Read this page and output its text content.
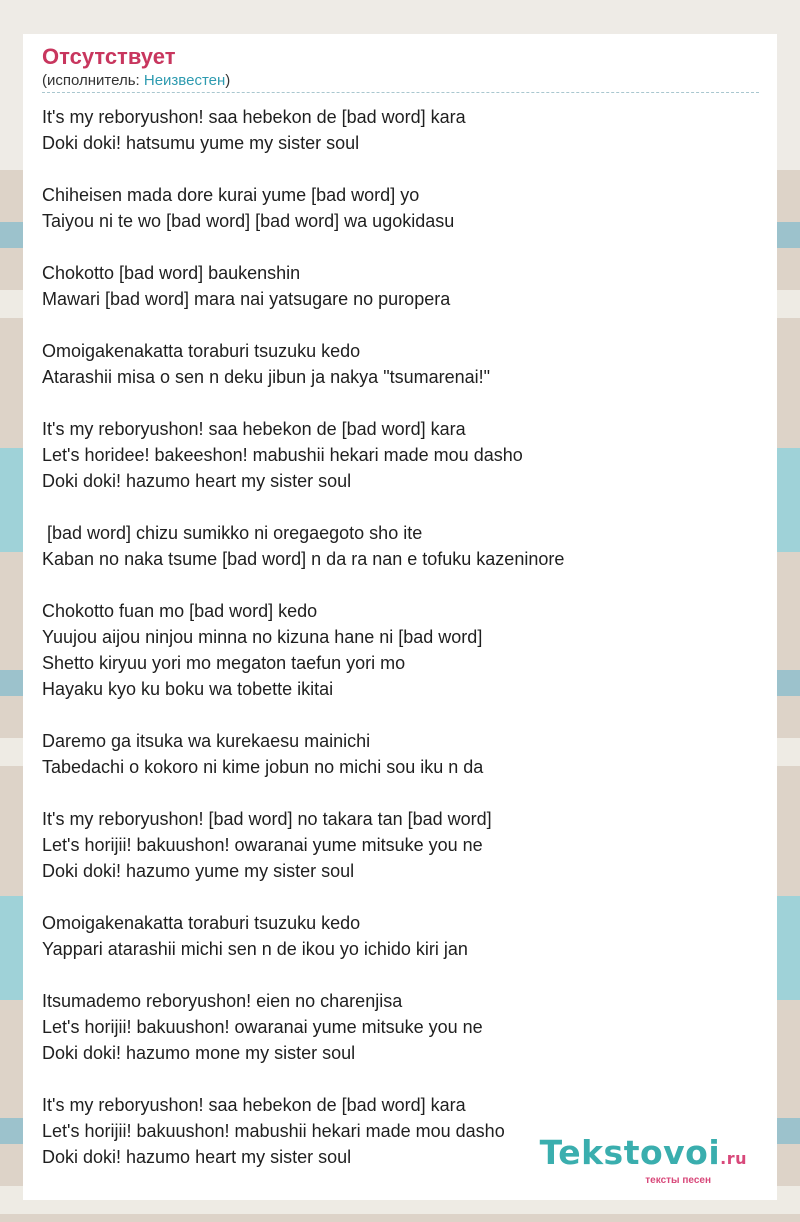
Отсутствует
(исполнитель: Неизвестен)
It's my reboryushon! saa hebekon de [bad word] kara
Doki doki! hatsumu yume my sister soul
Chiheisen mada dore kurai yume [bad word] yo
Taiyou ni te wo [bad word] [bad word] wa ugokidasu
Chokotto [bad word] baukenshin
Mawari [bad word] mara nai yatsugare no puropera
Omoigakenakatta toraburi tsuzuku kedo
Atarashii misa o sen n deku jibun ja nakya "tsumarenai!"
It's my reboryushon! saa hebekon de [bad word] kara
Let's horidee! bakeeshon! mabushii hekari made mou dasho
Doki doki! hazumo heart my sister soul
[bad word] chizu sumikko ni oregaegoto sho ite
Kaban no naka tsume [bad word] n da ra nan e tofuku kazeninore
Chokotto fuan mo [bad word] kedo
Yuujou aijou ninjou minna no kizuna hane ni [bad word]
Shetto kiryuu yori mo megaton taefun yori mo
Hayaku kyo ku boku wa tobette ikitai
Daremo ga itsuka wa kurekaesu mainichi
Tabedachi o kokoro ni kime jobun no michi sou iku n da
It's my reboryushon! [bad word] no takara tan [bad word]
Let's horijii! bakuushon! owaranai yume mitsuke you ne
Doki doki! hazumo yume my sister soul
Omoigakenakatta toraburi tsuzuku kedo
Yappari atarashii michi sen n de ikou yo ichido kiri jan
Itsumademo reboryushon! eien no charenjisa
Let's horijii! bakuushon! owaranai yume mitsuke you ne
Doki doki! hazumo mone my sister soul
It's my reboryushon! saa hebekon de [bad word] kara
Let's horijii! bakuushon! mabushii hekari made mou dasho
Doki doki! hazumo heart my sister soul	Tekstovoi.ru
тексты песен
